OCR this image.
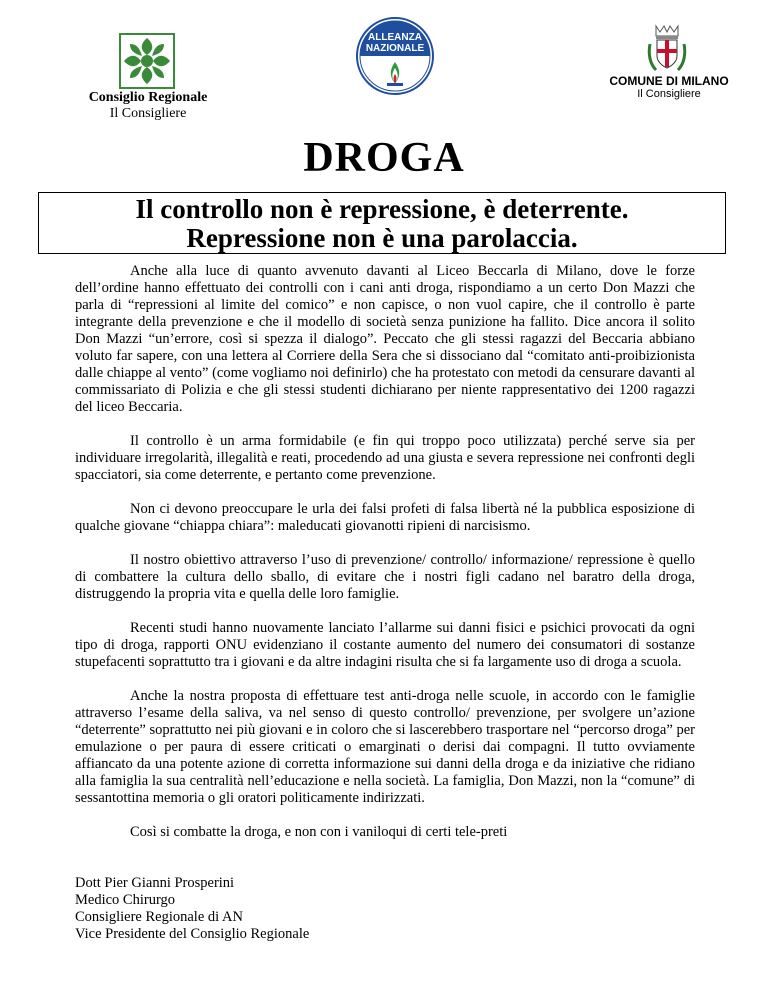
Consiglio Regionale
Il Consigliere
ALLEANZA
NAZIONALE
COMUNE DI MILANO
Il Consigliere
DROGA
Il controllo non è repressione, è deterrente.
Repressione non è una parolaccia.

Anche alla luce di quanto avvenuto davanti al Liceo Beccarla di Milano, dove le forze dell’ordine hanno effettuato dei controlli con i cani anti droga, rispondiamo a un certo Don Mazzi che parla di “repressioni al limite del comico” e non capisce, o non vuol capire, che il controllo è parte integrante della prevenzione e che il modello di società senza punizione ha fallito. Dice ancora il solito Don Mazzi “un’errore, così si spezza il dialogo”. Peccato che gli stessi ragazzi del Beccaria abbiano voluto far sapere, con una lettera al Corriere della Sera che si dissociano dal “comitato anti-proibizionista dalle chiappe al vento” (come vogliamo noi definirlo) che ha protestato con metodi da censurare davanti al commissariato di Polizia e che gli stessi studenti dichiarano per niente rappresentativo dei 1200 ragazzi del liceo Beccaria.

Il controllo è un arma formidabile (e fin qui troppo poco utilizzata) perché serve sia per individuare irregolarità, illegalità e reati, procedendo ad una giusta e severa repressione nei confronti degli spacciatori, sia come deterrente, e pertanto come prevenzione.

Non ci devono preoccupare le urla dei falsi profeti di falsa libertà né la pubblica esposizione di qualche giovane “chiappa chiara”: maleducati giovanotti ripieni di narcisismo.

Il nostro obiettivo attraverso l’uso di prevenzione/ controllo/ informazione/ repressione è quello di combattere la cultura dello sballo, di evitare che i nostri figli cadano nel baratro della droga, distruggendo la propria vita e quella delle loro famiglie.

Recenti studi hanno nuovamente lanciato l’allarme sui danni fisici e psichici provocati da ogni tipo di droga, rapporti ONU evidenziano il costante aumento del numero dei consumatori di sostanze stupefacenti soprattutto tra i giovani e da altre indagini risulta che si fa largamente uso di droga a scuola.

Anche la nostra proposta di effettuare test anti-droga nelle scuole, in accordo con le famiglie attraverso l’esame della saliva, va nel senso di questo controllo/ prevenzione, per svolgere un’azione “deterrente” soprattutto nei più giovani e in coloro che si lascerebbero trasportare nel “percorso droga” per emulazione o per paura di essere criticati o emarginati o derisi dai compagni. Il tutto ovviamente affiancato da una potente azione di corretta informazione sui danni della droga e da iniziative che ridiano alla famiglia la sua centralità nell’educazione e nella società. La famiglia, Don Mazzi, non la “comune” di sessantottina memoria o gli oratori politicamente indirizzati.

Così si combatte la droga, e non con i vaniloqui di certi tele-preti

Dott Pier Gianni Prosperini
Medico Chirurgo
Consigliere Regionale di AN
Vice Presidente del Consiglio Regionale
